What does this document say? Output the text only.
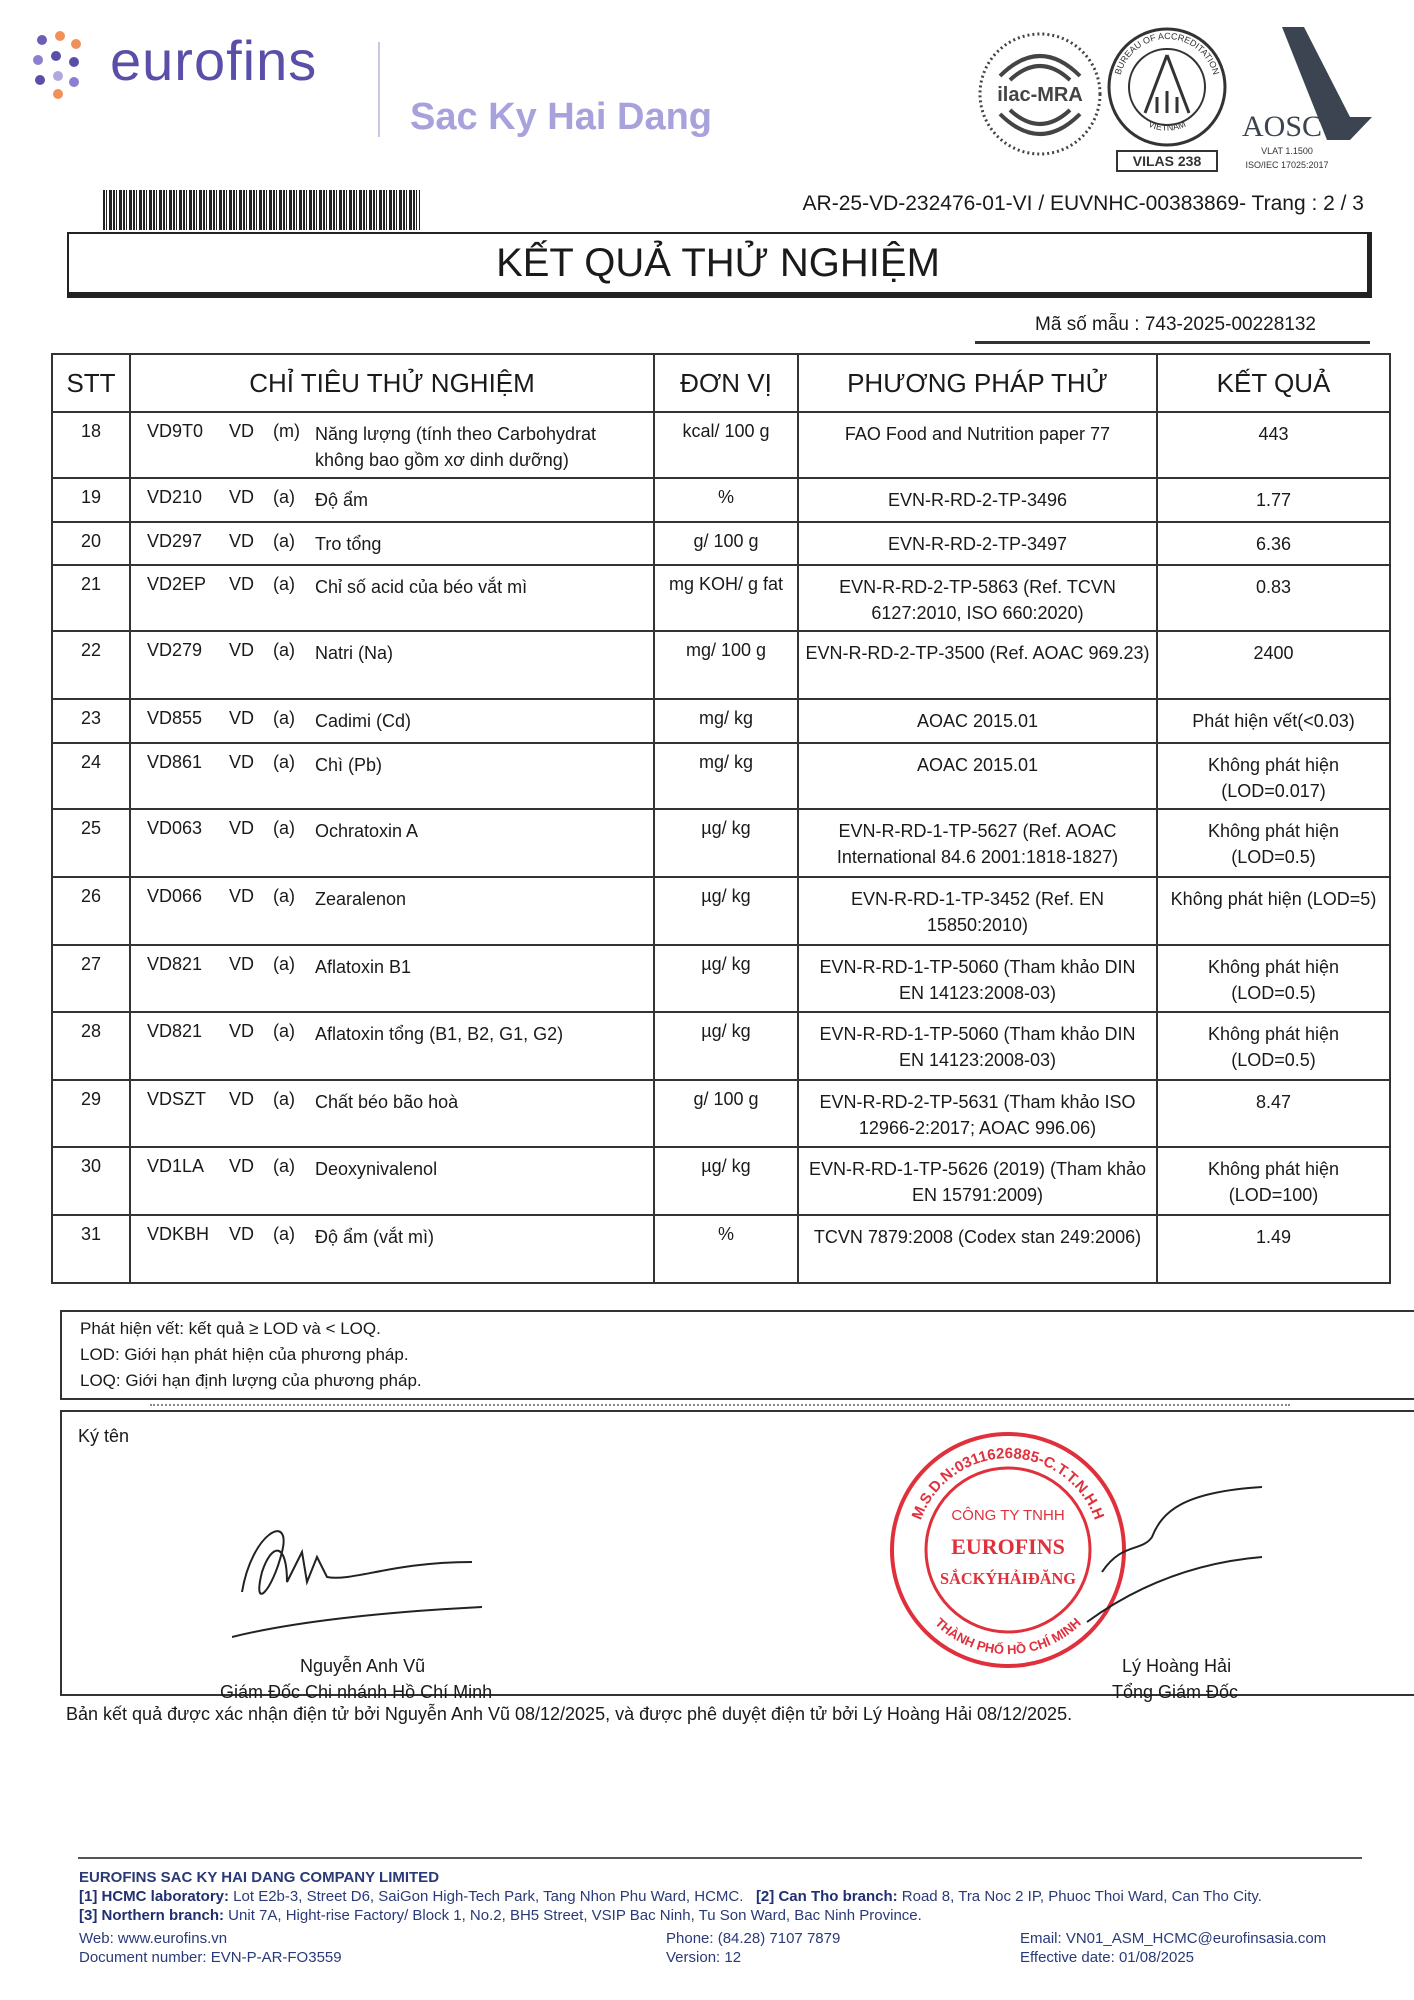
eurofins
Sac Ky Hai Dang
ilac-MRA
BUREAU OF ACCREDITATION
VIETNAM
VILAS 238
AOSC
VLAT 1.1500
ISO/IEC 17025:2017
AR-25-VD-232476-01-VI / EUVNHC-00383869- Trang : 2 / 3
KẾT QUẢ THỬ NGHIỆM
Mã số mẫu : 743-2025-00228132
STT	CHỈ TIÊU THỬ NGHIỆM	ĐƠN VỊ	PHƯƠNG PHÁP THỬ	KẾT QUẢ
18	VD9T0 VD (m) Năng lượng (tính theo Carbohydrat không bao gồm xơ dinh dưỡng)	kcal/ 100 g	FAO Food and Nutrition paper 77	443
19	VD210 VD (a) Độ ẩm	%	EVN-R-RD-2-TP-3496	1.77
20	VD297 VD (a) Tro tổng	g/ 100 g	EVN-R-RD-2-TP-3497	6.36
21	VD2EP VD (a) Chỉ số acid của béo vắt mì	mg KOH/ g fat	EVN-R-RD-2-TP-5863 (Ref. TCVN 6127:2010, ISO 660:2020)	0.83
22	VD279 VD (a) Natri (Na)	mg/ 100 g	EVN-R-RD-2-TP-3500 (Ref. AOAC 969.23)	2400
23	VD855 VD (a) Cadimi (Cd)	mg/ kg	AOAC 2015.01	Phát hiện vết(<0.03)
24	VD861 VD (a) Chì (Pb)	mg/ kg	AOAC 2015.01	Không phát hiện (LOD=0.017)
25	VD063 VD (a) Ochratoxin A	µg/ kg	EVN-R-RD-1-TP-5627 (Ref. AOAC International 84.6 2001:1818-1827)	Không phát hiện (LOD=0.5)
26	VD066 VD (a) Zearalenon	µg/ kg	EVN-R-RD-1-TP-3452 (Ref. EN 15850:2010)	Không phát hiện (LOD=5)
27	VD821 VD (a) Aflatoxin B1	µg/ kg	EVN-R-RD-1-TP-5060 (Tham khảo DIN EN 14123:2008-03)	Không phát hiện (LOD=0.5)
28	VD821 VD (a) Aflatoxin tổng (B1, B2, G1, G2)	µg/ kg	EVN-R-RD-1-TP-5060 (Tham khảo DIN EN 14123:2008-03)	Không phát hiện (LOD=0.5)
29	VDSZT VD (a) Chất béo bão hoà	g/ 100 g	EVN-R-RD-2-TP-5631 (Tham khảo ISO 12966-2:2017; AOAC 996.06)	8.47
30	VD1LA VD (a) Deoxynivalenol	µg/ kg	EVN-R-RD-1-TP-5626 (2019) (Tham khảo EN 15791:2009)	Không phát hiện (LOD=100)
31	VDKBH VD (a) Độ ẩm (vắt mì)	%	TCVN 7879:2008 (Codex stan 249:2006)	1.49
Phát hiện vết: kết quả ≥ LOD và < LOQ.
LOD: Giới hạn phát hiện của phương pháp.
LOQ: Giới hạn định lượng của phương pháp.
Ký tên
Nguyễn Anh Vũ
Giám Đốc Chi nhánh Hồ Chí Minh
M.S.D.N:0311626885-C.T.T.N.H.H
THÀNH PHỐ HỒ CHÍ MINH
CÔNG TY TNHH
EUROFINS
SẮCKÝHẢIĐĂNG
Lý Hoàng Hải
Tổng Giám Đốc
Bản kết quả được xác nhận điện tử bởi Nguyễn Anh Vũ 08/12/2025, và được phê duyệt điện tử bởi Lý Hoàng Hải 08/12/2025.
EUROFINS SAC KY HAI DANG COMPANY LIMITED
[1] HCMC laboratory: Lot E2b-3, Street D6, SaiGon High-Tech Park, Tang Nhon Phu Ward, HCMC. [2] Can Tho branch: Road 8, Tra Noc 2 IP, Phuoc Thoi Ward, Can Tho City.
[3] Northern branch: Unit 7A, Hight-rise Factory/ Block 1, No.2, BH5 Street, VSIP Bac Ninh, Tu Son Ward, Bac Ninh Province.
Web: www.eurofins.vn
Document number: EVN-P-AR-FO3559
Phone: (84.28) 7107 7879
Version: 12
Email: VN01_ASM_HCMC@eurofinsasia.com
Effective date: 01/08/2025
